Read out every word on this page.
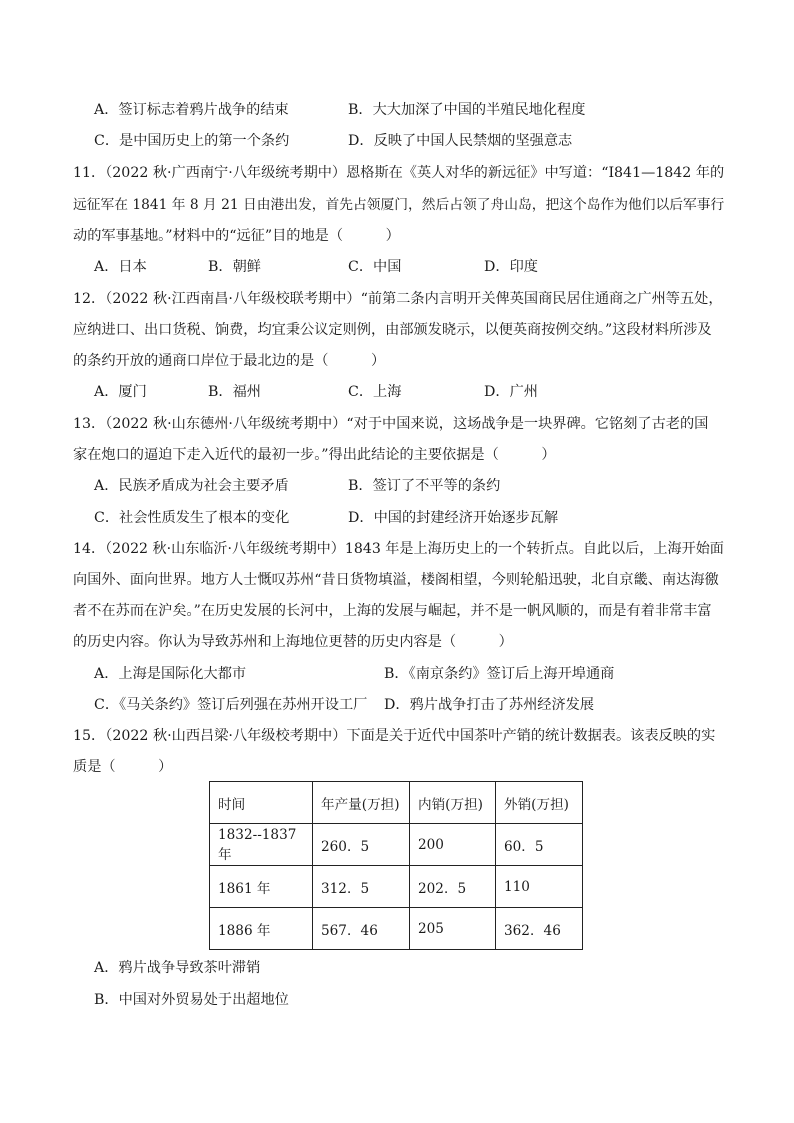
A．签订标志着鸦片战争的结束	B．大大加深了中国的半殖民地化程度
C．是中国历史上的第一个条约	D．反映了中国人民禁烟的坚强意志
11．（2022 秋·广西南宁·八年级统考期中）恩格斯在《英人对华的新远征》中写道：“I841—1842 年的
远征军在 1841 年 8 月 21 日由港出发，首先占领厦门，然后占领了舟山岛，把这个岛作为他们以后军事行
动的军事基地。”材料中的“远征”目的地是（　　　）
A．日本	B．朝鲜	C．中国	D．印度
12．（2022 秋·江西南昌·八年级校联考期中）“前第二条内言明开关俾英国商民居住通商之广州等五处，
应纳进口、出口货税、饷费，均宜秉公议定则例，由部颁发晓示，以便英商按例交纳。”这段材料所涉及
的条约开放的通商口岸位于最北边的是（　　　）
A．厦门	B．福州	C．上海	D．广州
13．（2022 秋·山东德州·八年级统考期中）“对于中国来说，这场战争是一块界碑。它铭刻了古老的国
家在炮口的逼迫下走入近代的最初一步。”得出此结论的主要依据是（　　　）
A．民族矛盾成为社会主要矛盾	B．签订了不平等的条约
C．社会性质发生了根本的变化	D．中国的封建经济开始逐步瓦解
14．（2022 秋·山东临沂·八年级统考期中）1843 年是上海历史上的一个转折点。自此以后，上海开始面
向国外、面向世界。地方人士慨叹苏州“昔日货物填溢，楼阁相望，今则轮船迅驶，北自京畿、南达海徼
者不在苏而在沪矣。”在历史发展的长河中，上海的发展与崛起，并不是一帆风顺的，而是有着非常丰富
的历史内容。你认为导致苏州和上海地位更替的历史内容是（　　　）
A．上海是国际化大都市	B．《南京条约》签订后上海开埠通商
C．《马关条约》签订后列强在苏州开设工厂 D．鸦片战争打击了苏州经济发展
15．（2022 秋·山西吕梁·八年级校考期中）下面是关于近代中国茶叶产销的统计数据表。该表反映的实
质是（　　　）
时间	年产量(万担)	内销(万担)	外销(万担)
1832--1837 年	260．5	200	60．5
1861 年	312．5	202．5	110
1886 年	567．46	205	362．46
A．鸦片战争导致茶叶滞销
B．中国对外贸易处于出超地位
